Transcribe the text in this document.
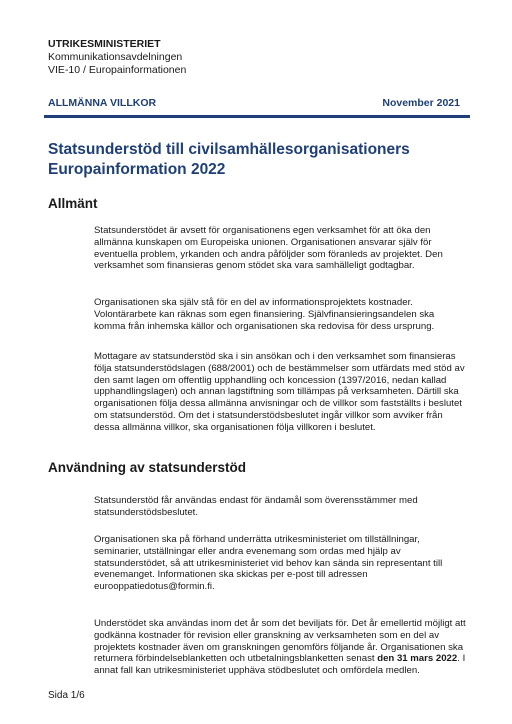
UTRIKESMINISTERIET
Kommunikationsavdelningen
VIE-10 / Europainformationen
ALLMÄNNA VILLKOR	November 2021
Statsunderstöd till civilsamhällesorganisationers
Europainformation 2022
Allmänt
Statsunderstödet är avsett för organisationens egen verksamhet för att öka den allmänna kunskapen om Europeiska unionen. Organisationen ansvarar själv för eventuella problem, yrkanden och andra påföljder som föranleds av projektet. Den verksamhet som finansieras genom stödet ska vara samhälleligt godtagbar.
Organisationen ska själv stå för en del av informationsprojektets kostnader. Volontärarbete kan räknas som egen finansiering. Självfinansieringsandelen ska komma från inhemska källor och organisationen ska redovisa för dess ursprung.
Mottagare av statsunderstöd ska i sin ansökan och i den verksamhet som finansieras följa statsunderstödslagen (688/2001) och de bestämmelser som utfärdats med stöd av den samt lagen om offentlig upphandling och koncession (1397/2016, nedan kallad upphandlingslagen) och annan lagstiftning som tillämpas på verksamheten. Därtill ska organisationen följa dessa allmänna anvisningar och de villkor som fastställts i beslutet om statsunderstöd. Om det i statsunderstödsbeslutet ingår villkor som avviker från dessa allmänna villkor, ska organisationen följa villkoren i beslutet.
Användning av statsunderstöd
Statsunderstöd får användas endast för ändamål som överensstämmer med statsunderstödsbeslutet.
Organisationen ska på förhand underrätta utrikesministeriet om tillställningar, seminarier, utställningar eller andra evenemang som ordas med hjälp av statsunderstödet, så att utrikesministeriet vid behov kan sända sin representant till evenemanget. Informationen ska skickas per e-post till adressen eurooppatiedotus@formin.fi.
Understödet ska användas inom det år som det beviljats för. Det år emellertid möjligt att godkänna kostnader för revision eller granskning av verksamheten som en del av projektets kostnader även om granskningen genomförs följande år. Organisationen ska returnera förbindelseblanketten och utbetalningsblanketten senast den 31 mars 2022. I annat fall kan utrikesministeriet upphäva stödbeslutet och omfördela medlen.
Sida 1/6
